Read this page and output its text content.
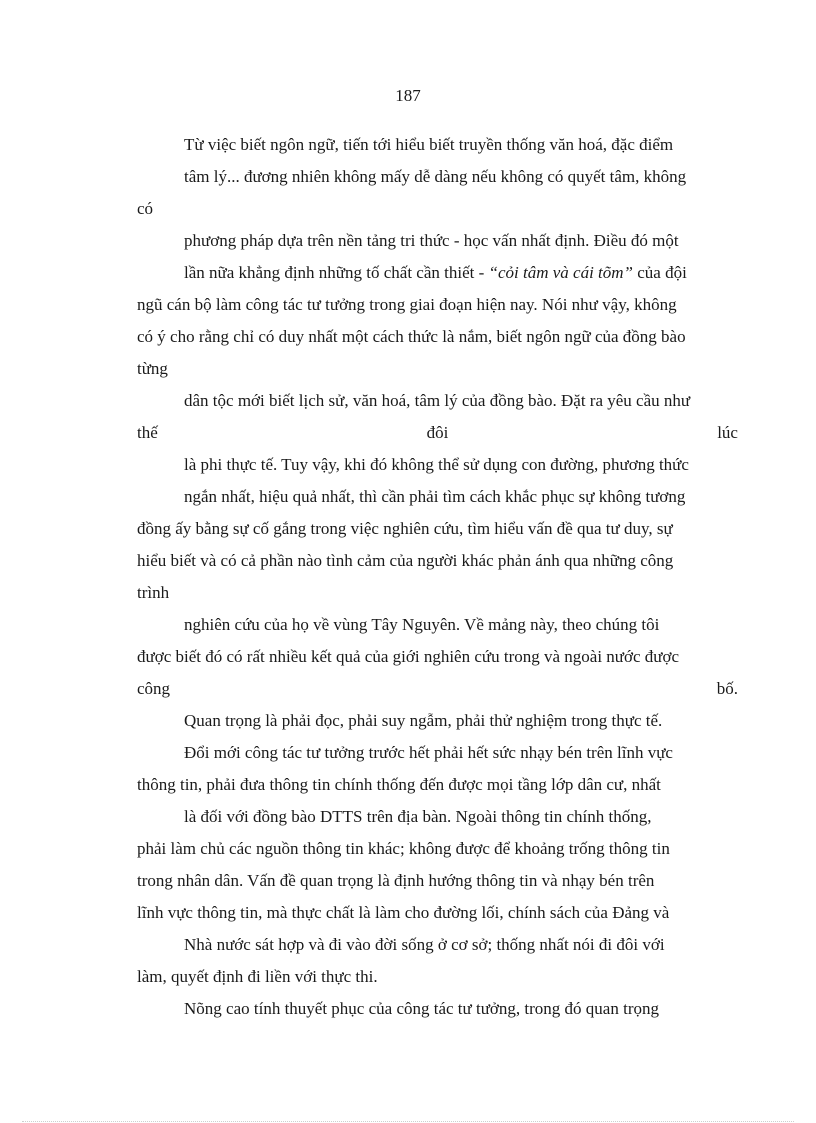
187
Từ việc biết ngôn ngữ, tiến tới hiểu biết truyền thống văn hoá, đặc điểm
tâm lý... đương nhiên không mấy dễ dàng nếu không có quyết tâm, không
có
phương pháp dựa trên nền tảng tri thức - học vấn nhất định. Điều đó một
lần nữa khẳng định những tố chất cần thiết - “cỏi tâm và cái tõm” của đội
ngũ cán bộ làm công tác tư tưởng trong giai đoạn hiện nay. Nói như vậy, không
có ý cho rằng chỉ có duy nhất một cách thức là nắm, biết ngôn ngữ của đồng bào
từng
dân tộc mới biết lịch sử, văn hoá, tâm lý của đồng bào. Đặt ra yêu cầu như
thế	đôi	lúc
là phi thực tế. Tuy vậy, khi đó không thể sử dụng con đường, phương thức
ngắn nhất, hiệu quả nhất, thì cần phải tìm cách khắc phục sự không tương
đồng ấy bằng sự cố gắng trong việc nghiên cứu, tìm hiểu vấn đề qua tư duy, sự
hiểu biết và có cả phần nào tình cảm của người khác phản ánh qua những công
trình
nghiên cứu của họ về vùng Tây Nguyên. Về mảng này, theo chúng tôi
được biết đó có rất nhiều kết quả của giới nghiên cứu trong và ngoài nước được
công	bố.
Quan trọng là phải đọc, phải suy ngẫm, phải thử nghiệm trong thực tế.
Đổi mới công tác tư tưởng trước hết phải hết sức nhạy bén trên lĩnh vực
thông tin, phải đưa thông tin chính thống đến được mọi tầng lớp dân cư, nhất
là đối với đồng bào DTTS trên địa bàn. Ngoài thông tin chính thống,
phải làm chủ các nguồn thông tin khác; không được để khoảng trống thông tin
trong nhân dân. Vấn đề quan trọng là định hướng thông tin và nhạy bén trên
lĩnh vực thông tin, mà thực chất là làm cho đường lối, chính sách của Đảng và
Nhà nước sát hợp và đi vào đời sống ở cơ sở; thống nhất nói đi đôi với
làm, quyết định đi liền với thực thi.
Nõng cao tính thuyết phục của công tác tư tưởng, trong đó quan trọng
